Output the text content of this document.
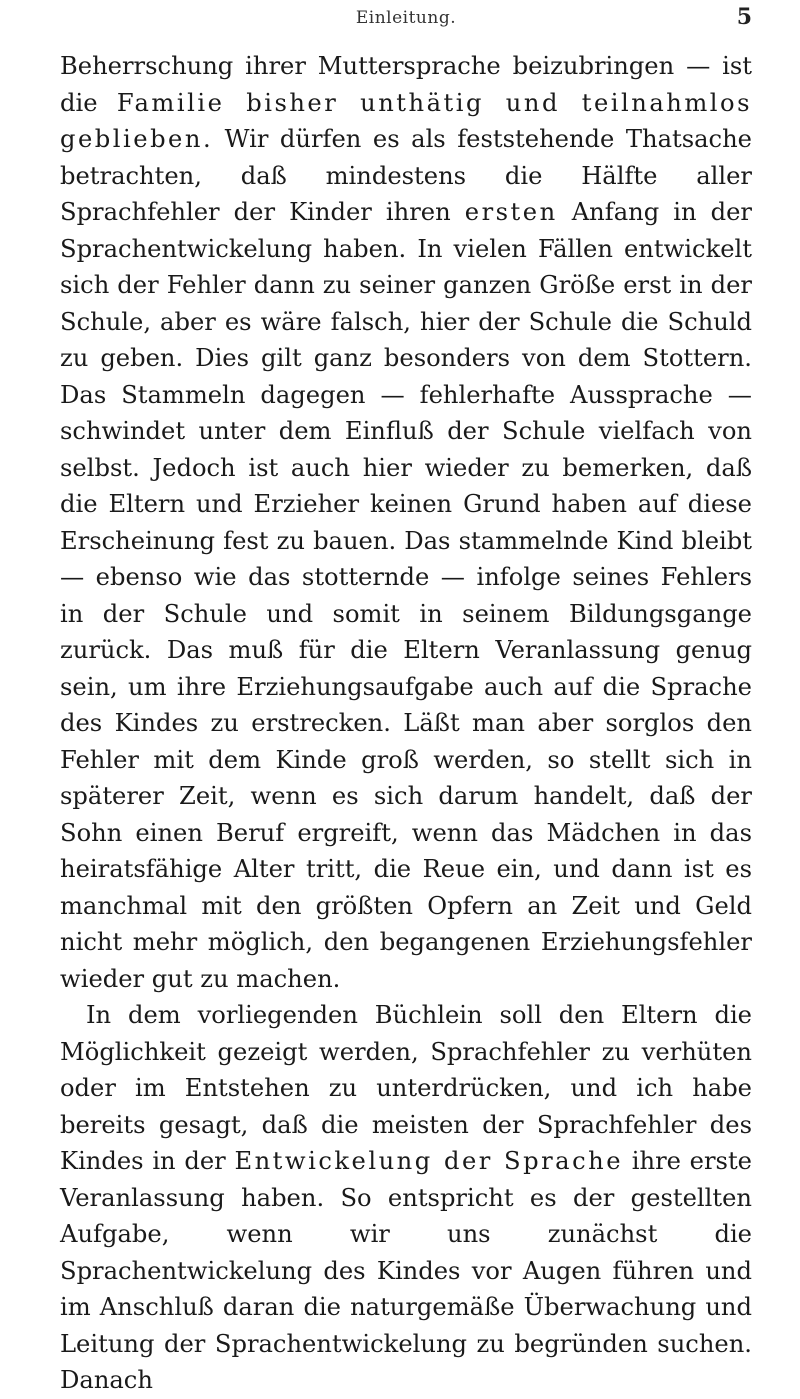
Einleitung.	5

Beherrschung ihrer Muttersprache beizubringen — ist die Familie bisher unthätig und teilnahmlos geblieben. Wir dürfen es als feststehende Thatsache betrachten, daß mindestens die Hälfte aller Sprachfehler der Kinder ihren ersten Anfang in der Sprachentwickelung haben. In vielen Fällen entwickelt sich der Fehler dann zu seiner ganzen Größe erst in der Schule, aber es wäre falsch, hier der Schule die Schuld zu geben. Dies gilt ganz besonders von dem Stottern. Das Stammeln dagegen — fehlerhafte Aussprache — schwindet unter dem Einfluß der Schule vielfach von selbst. Jedoch ist auch hier wieder zu bemerken, daß die Eltern und Erzieher keinen Grund haben auf diese Erscheinung fest zu bauen. Das stammelnde Kind bleibt — ebenso wie das stotternde — infolge seines Fehlers in der Schule und somit in seinem Bildungsgange zurück. Das muß für die Eltern Veranlassung genug sein, um ihre Erziehungsaufgabe auch auf die Sprache des Kindes zu erstrecken. Läßt man aber sorglos den Fehler mit dem Kinde groß werden, so stellt sich in späterer Zeit, wenn es sich darum handelt, daß der Sohn einen Beruf ergreift, wenn das Mädchen in das heiratsfähige Alter tritt, die Reue ein, und dann ist es manchmal mit den größten Opfern an Zeit und Geld nicht mehr möglich, den begangenen Erziehungsfehler wieder gut zu machen.

In dem vorliegenden Büchlein soll den Eltern die Möglichkeit gezeigt werden, Sprachfehler zu verhüten oder im Entstehen zu unterdrücken, und ich habe bereits gesagt, daß die meisten der Sprachfehler des Kindes in der Entwickelung der Sprache ihre erste Veranlassung haben. So entspricht es der gestellten Aufgabe, wenn wir uns zunächst die Sprachentwickelung des Kindes vor Augen führen und im Anschluß daran die naturgemäße Überwachung und Leitung der Sprachentwickelung zu begründen suchen. Danach
